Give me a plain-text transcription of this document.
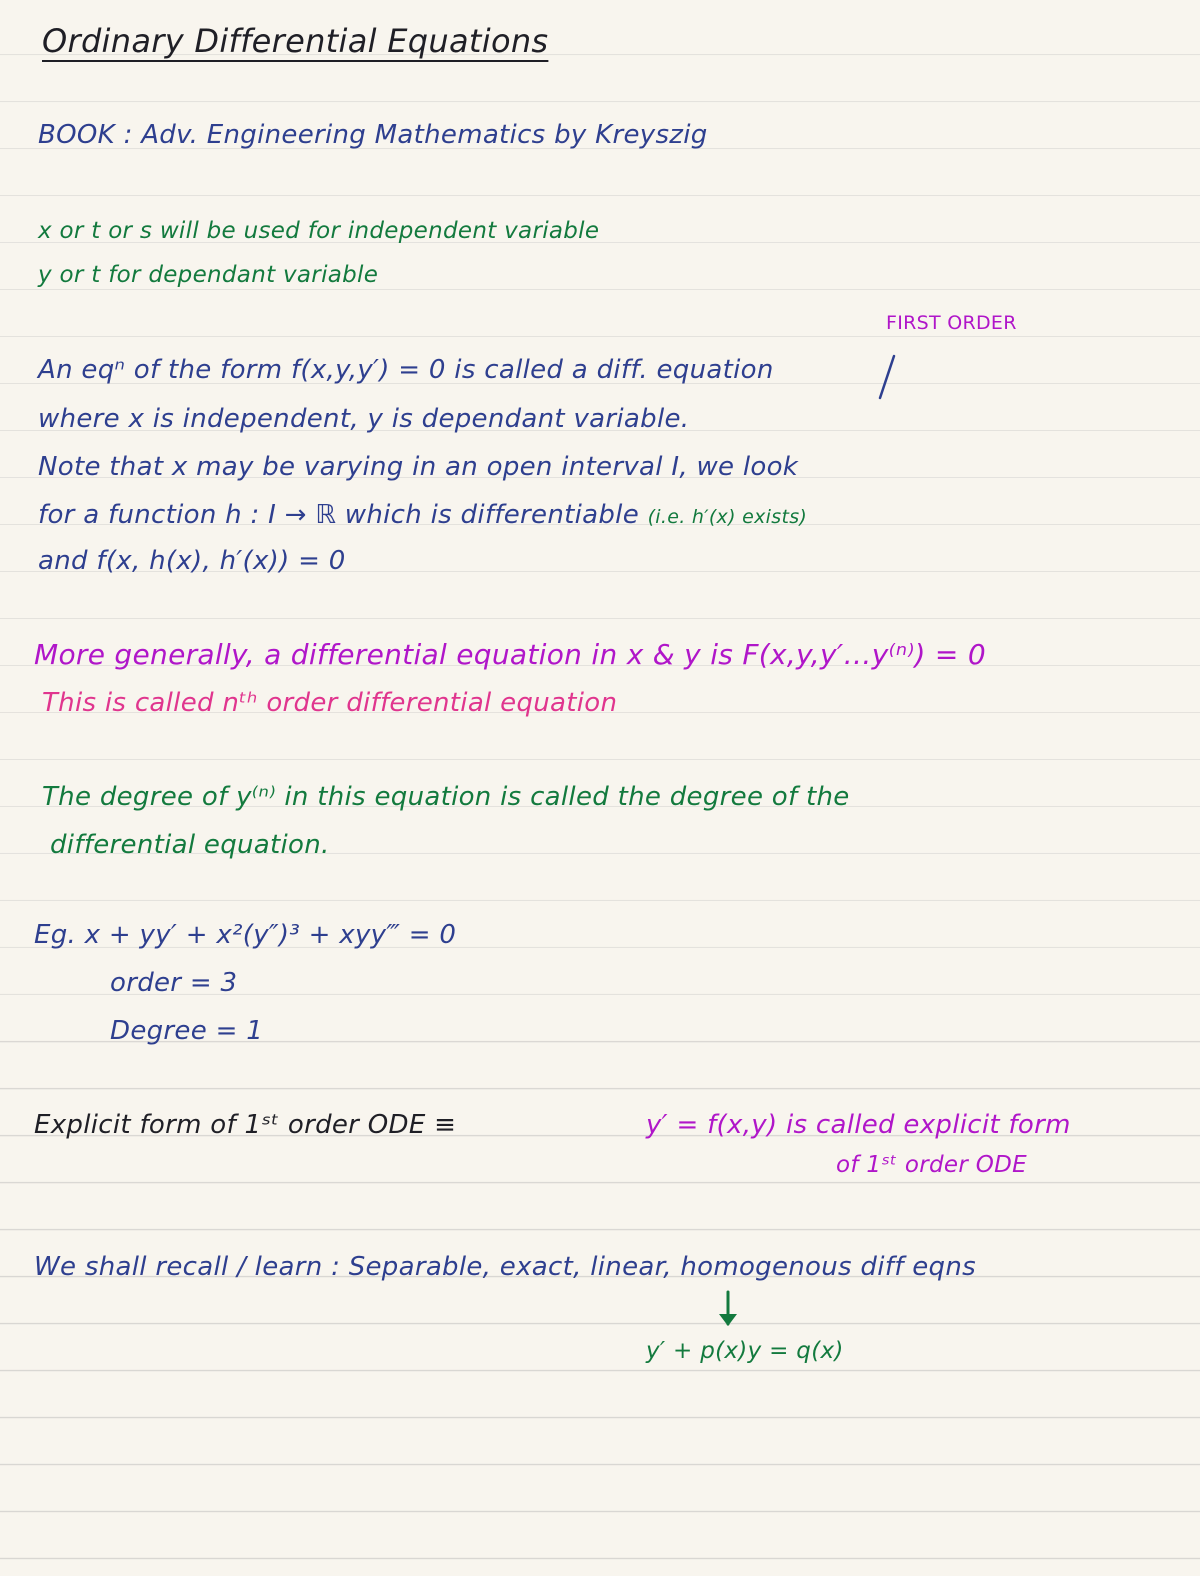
Ordinary Differential Equations
BOOK : Adv. Engineering Mathematics by Kreyszig
x or t or s will be used for independent variable
y or t for dependant variable
FIRST ORDER
An eqⁿ of the form f(x,y,y′) = 0 is called a diff. equation
where x is independent, y is dependant variable.
Note that x may be varying in an open interval I, we look
for a function h : I → ℝ which is differentiable (i.e. h′(x) exists)
and f(x, h(x), h′(x)) = 0
More generally, a differential equation in x & y is F(x,y,y′…y⁽ⁿ⁾) = 0
This is called nᵗʰ order differential equation
The degree of y⁽ⁿ⁾ in this equation is called the degree of the
differential equation.
Eg. x + yy′ + x²(y″)³ + xyy‴ = 0
order = 3
Degree = 1
Explicit form of 1ˢᵗ order ODE ≡	y′ = f(x,y) is called explicit form
of 1ˢᵗ order ODE
We shall recall / learn : Separable, exact, linear, homogenous diff eqns
y′ + p(x)y = q(x)
